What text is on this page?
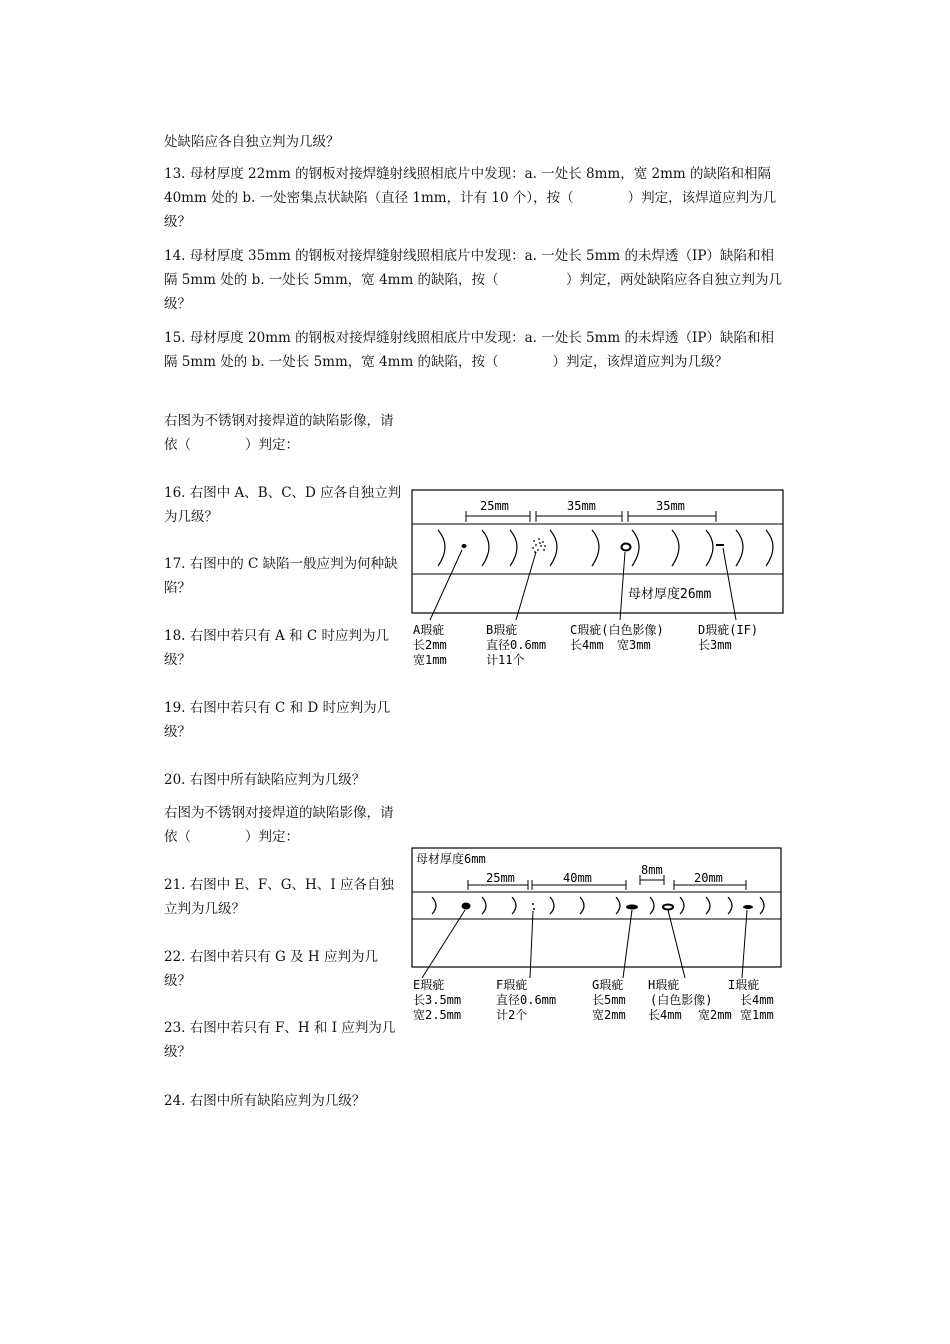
处缺陷应各自独立判为几级？

13. 母材厚度 22mm 的钢板对接焊缝射线照相底片中发现：a. 一处长 8mm，宽 2mm 的缺陷和相隔 40mm 处的 b. 一处密集点状缺陷（直径 1mm，计有 10 个），按（　　　　）判定，该焊道应判为几级？

14. 母材厚度 35mm 的钢板对接焊缝射线照相底片中发现：a. 一处长 5mm 的未焊透（IP）缺陷和相隔 5mm 处的 b. 一处长 5mm，宽 4mm 的缺陷，按（　　　　　）判定，两处缺陷应各自独立判为几级？

15. 母材厚度 20mm 的钢板对接焊缝射线照相底片中发现：a. 一处长 5mm 的未焊透（IP）缺陷和相隔 5mm 处的 b. 一处长 5mm，宽 4mm 的缺陷，按（　　　　）判定，该焊道应判为几级？

右图为不锈钢对接焊道的缺陷影像，请依（　　　　）判定：

16. 右图中 A、B、C、D 应各自独立判为几级？

17. 右图中的 C 缺陷一般应判为何种缺陷？

18. 右图中若只有 A 和 C 时应判为几级？

19. 右图中若只有 C 和 D 时应判为几级？

20. 右图中所有缺陷应判为几级？

右图为不锈钢对接焊道的缺陷影像，请依（　　　　）判定：

21. 右图中 E、F、G、H、I 应各自独立判为几级？

22. 右图中若只有 G 及 H 应判为几级？

23. 右图中若只有 F、H 和 I 应判为几级？

24. 右图中所有缺陷应判为几级？

25mm	35mm	35mm
母材厚度26mm
A瑕疵
长2mm
宽1mm
B瑕疵
直径0.6mm
计11个
C瑕疵(白色影像)
长4mm 宽3mm
D瑕疵(IF)
长3mm
母材厚度6mm
25mm	40mm
8mm
20mm
E瑕疵
长3.5mm
宽2.5mm
F瑕疵
直径0.6mm
计2个
G瑕疵
长5mm
宽2mm
H瑕疵
(白色影像)
长4mm 宽2mm
I瑕疵
长4mm
宽1mm
